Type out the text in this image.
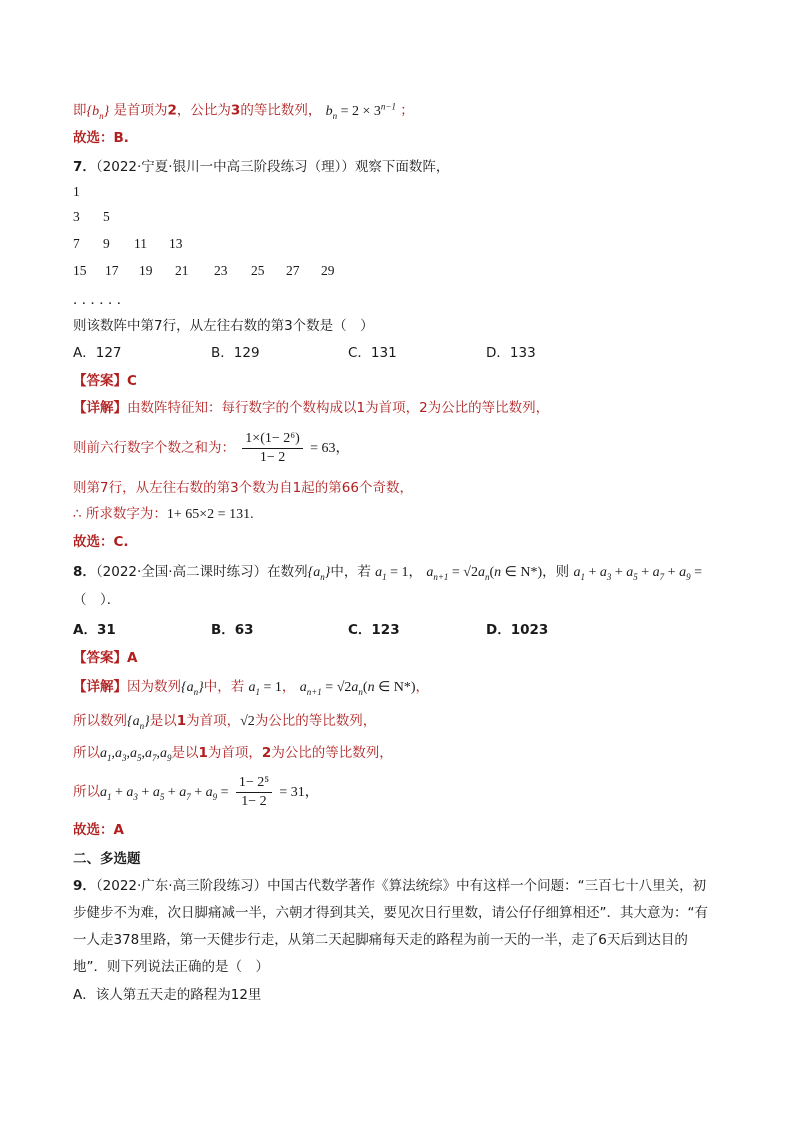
即$\{b_n\}$ 是首项为2，公比为3的等比数列， $b_n = 2 \times 3^{n-1}$ ；
故选：B.
7．（2022·宁夏·银川一中高三阶段练习（理））观察下面数阵，
1
3 5
7 9 11 13
15 17 19 21 23 25 27 29
．．．．．．
则该数阵中第7行，从左往右数的第3个数是（　）
A．127	B．129	C．131	D．133
【答案】C
【详解】由数阵特征知：每行数字的个数构成以1为首项，2为公比的等比数列，
则前六行数字个数之和为： $\frac{\text{1×(1− 2⁶)}}{1- 2} = 63$，
则第7行，从左往右数的第3个数为自1起的第66个奇数，
∴ 所求数字为：1+ 65×2 = 131.
故选：C.
8．（2022·全国·高二课时练习）在数列$\{a_n\}$中，若 $a_1 = 1$， $a_{n+1} = √2a_n(n$ ∈ N*)，则 $a_1 + a_3 + a_5 + a_7 + a_9$ =
（　）．
A．31	B．63	C．123	D．1023
【答案】A
【详解】因为数列$\{a_n\}$中，若 $a_1 = 1$， $a_{n+1} = √2a_n(n$ ∈ N*)，
所以数列$\{a_n\}$是以1为首项，√2为公比的等比数列，
所以$a_1,a_3,a_5,a_7,a_9$是以1为首项，2为公比的等比数列，
所以$a_1 + a_3 + a_5 + a_7 + a_9 = \frac{\text{1− 2⁵}}{1- 2} = 31$，
故选：A
二、多选题
9．（2022·广东·高三阶段练习）中国古代数学著作《算法统综》中有这样一个问题：“三百七十八里关，初
步健步不为难，次日脚痛减一半，六朝才得到其关，要见次日行里数，请公仔仔细算相还”．其大意为：“有
一人走378里路，第一天健步行走，从第二天起脚痛每天走的路程为前一天的一半，走了6天后到达目的
地”．则下列说法正确的是（　）
A．该人第五天走的路程为12里
